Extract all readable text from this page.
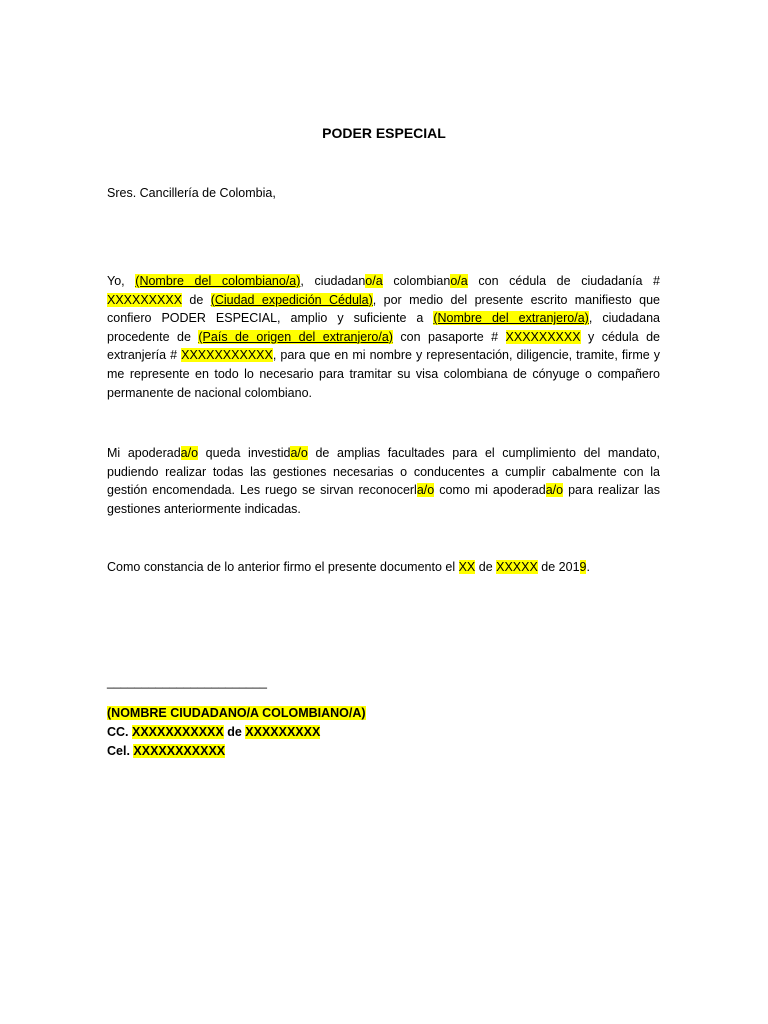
PODER ESPECIAL

Sres. Cancillería de Colombia,

Yo, (Nombre del colombiano/a), ciudadano/a colombiano/a con cédula de ciudadanía # XXXXXXXXX de (Ciudad expedición Cédula), por medio del presente escrito manifiesto que confiero PODER ESPECIAL, amplio y suficiente a (Nombre del extranjero/a), ciudadana procedente de (País de origen del extranjero/a) con pasaporte # XXXXXXXXX y cédula de extranjería # XXXXXXXXXXX, para que en mi nombre y representación, diligencie, tramite, firme y me represente en todo lo necesario para tramitar su visa colombiana de cónyuge o compañero permanente de nacional colombiano.

Mi apoderada/o queda investida/o de amplias facultades para el cumplimiento del mandato, pudiendo realizar todas las gestiones necesarias o conducentes a cumplir cabalmente con la gestión encomendada. Les ruego se sirvan reconocerla/o como mi apoderada/o para realizar las gestiones anteriormente indicadas.

Como constancia de lo anterior firmo el presente documento el XX de XXXXX de 2019.

_______________________

(NOMBRE CIUDADANO/A COLOMBIANO/A)
CC. XXXXXXXXXXX de XXXXXXXXX
Cel. XXXXXXXXXXX
